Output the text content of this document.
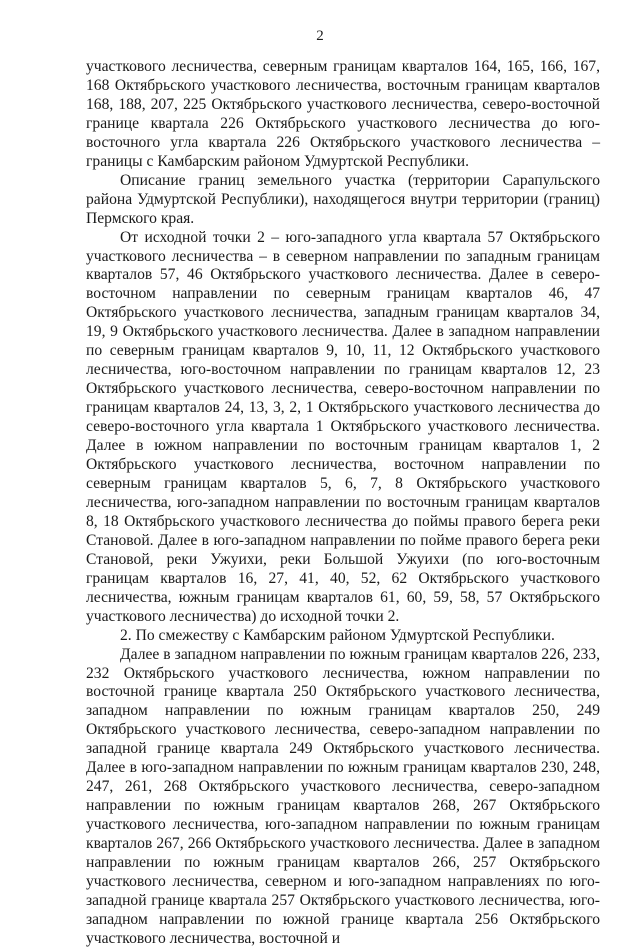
2

участкового лесничества, северным границам кварталов 164, 165, 166, 167, 168 Октябрьского участкового лесничества, восточным границам кварталов 168, 188, 207, 225 Октябрьского участкового лесничества, северо-восточной границе квартала 226 Октябрьского участкового лесничества до юго-восточного угла квартала 226 Октябрьского участкового лесничества – границы с Камбарским районом Удмуртской Республики.

Описание границ земельного участка (территории Сарапульского района Удмуртской Республики), находящегося внутри территории (границ) Пермского края.

От исходной точки 2 – юго-западного угла квартала 57 Октябрьского участкового лесничества – в северном направлении по западным границам кварталов 57, 46 Октябрьского участкового лесничества. Далее в северо-восточном направлении по северным границам кварталов 46, 47 Октябрьского участкового лесничества, западным границам кварталов 34, 19, 9 Октябрьского участкового лесничества. Далее в западном направлении по северным границам кварталов 9, 10, 11, 12 Октябрьского участкового лесничества, юго-восточном направлении по границам кварталов 12, 23 Октябрьского участкового лесничества, северо-восточном направлении по границам кварталов 24, 13, 3, 2, 1 Октябрьского участкового лесничества до северо-восточного угла квартала 1 Октябрьского участкового лесничества. Далее в южном направлении по восточным границам кварталов 1, 2 Октябрьского участкового лесничества, восточном направлении по северным границам кварталов 5, 6, 7, 8 Октябрьского участкового лесничества, юго-западном направлении по восточным границам кварталов 8, 18 Октябрьского участкового лесничества до поймы правого берега реки Становой. Далее в юго-западном направлении по пойме правого берега реки Становой, реки Ужуихи, реки Большой Ужуихи (по юго-восточным границам кварталов 16, 27, 41, 40, 52, 62 Октябрьского участкового лесничества, южным границам кварталов 61, 60, 59, 58, 57 Октябрьского участкового лесничества) до исходной точки 2.

2. По смежеству с Камбарским районом Удмуртской Республики.

Далее в западном направлении по южным границам кварталов 226, 233, 232 Октябрьского участкового лесничества, южном направлении по восточной границе квартала 250 Октябрьского участкового лесничества, западном направлении по южным границам кварталов 250, 249 Октябрьского участкового лесничества, северо-западном направлении по западной границе квартала 249 Октябрьского участкового лесничества. Далее в юго-западном направлении по южным границам кварталов 230, 248, 247, 261, 268 Октябрьского участкового лесничества, северо-западном направлении по южным границам кварталов 268, 267 Октябрьского участкового лесничества, юго-западном направлении по южным границам кварталов 267, 266 Октябрьского участкового лесничества. Далее в западном направлении по южным границам кварталов 266, 257 Октябрьского участкового лесничества, северном и юго-западном направлениях по юго-западной границе квартала 257 Октябрьского участкового лесничества, юго-западном направлении по южной границе квартала 256 Октябрьского участкового лесничества, восточной и
